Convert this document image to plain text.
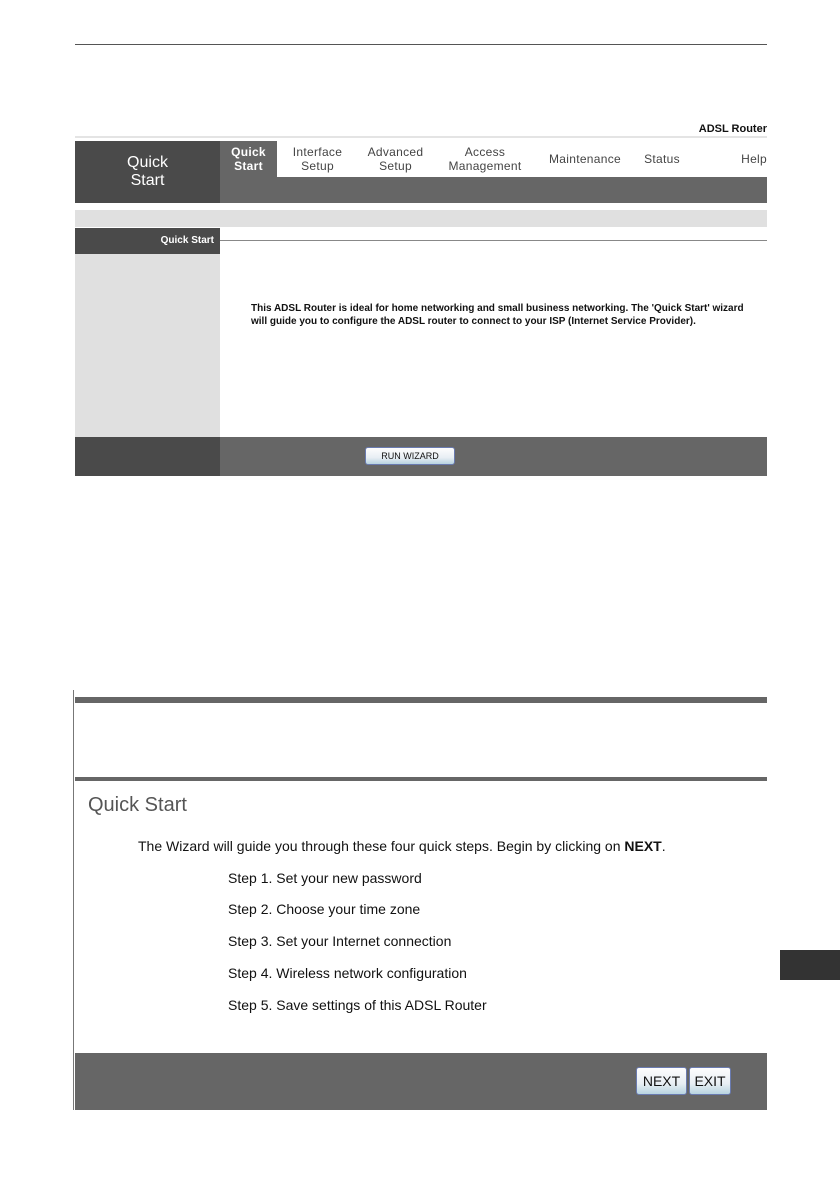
ADSL Router
Quick Start
Quick Start
Interface Setup
Advanced Setup
Access Management	Maintenance Status	Help
Quick Start
This ADSL Router is ideal for home networking and small business networking. The 'Quick Start' wizard will guide you to configure the ADSL router to connect to your ISP (Internet Service Provider).
RUN WIZARD
Quick Start
The Wizard will guide you through these four quick steps. Begin by clicking on NEXT.
Step 1. Set your new password
Step 2. Choose your time zone
Step 3. Set your Internet connection
Step 4. Wireless network configuration
Step 5. Save settings of this ADSL Router
NEXT	EXIT
